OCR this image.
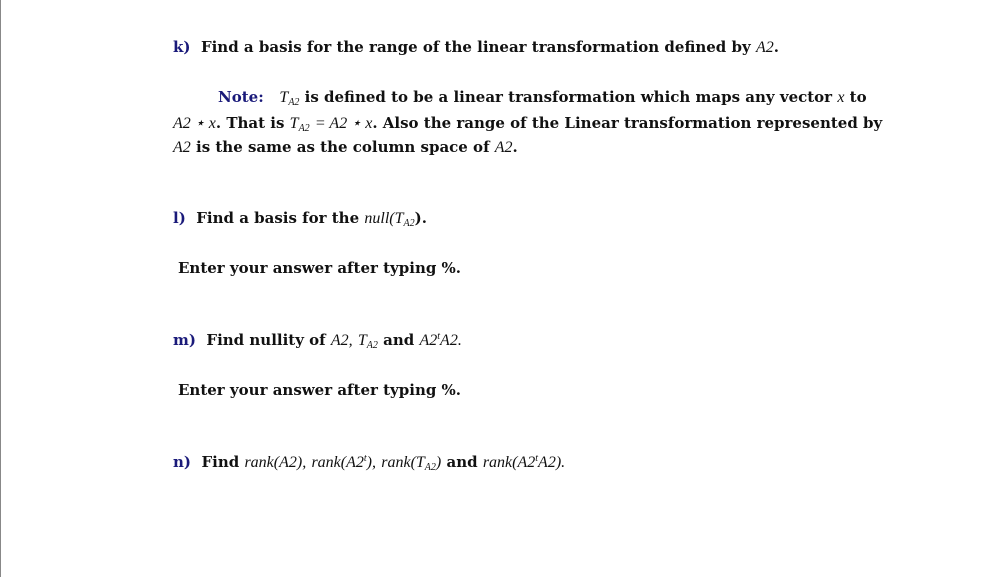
k) Find a basis for the range of the linear transformation defined by A2.
Note: $T_{A2}$ is defined to be a linear transformation which maps any vector x to
A2 ⋆ x. That is $T_{A2} = A2$ ⋆ x. Also the range of the Linear transformation represented by
A2 is the same as the column space of A2.
l) Find a basis for the $null(T_{A2})$.
Enter your answer after typing %.
m) Find nullity of A2, $T_{A2}$ and A2$^t$A2.
Enter your answer after typing %.
n) Find rank(A2), rank(A2$^t$), $rank(T_{A2})$ and rank(A2$^t$A2).
